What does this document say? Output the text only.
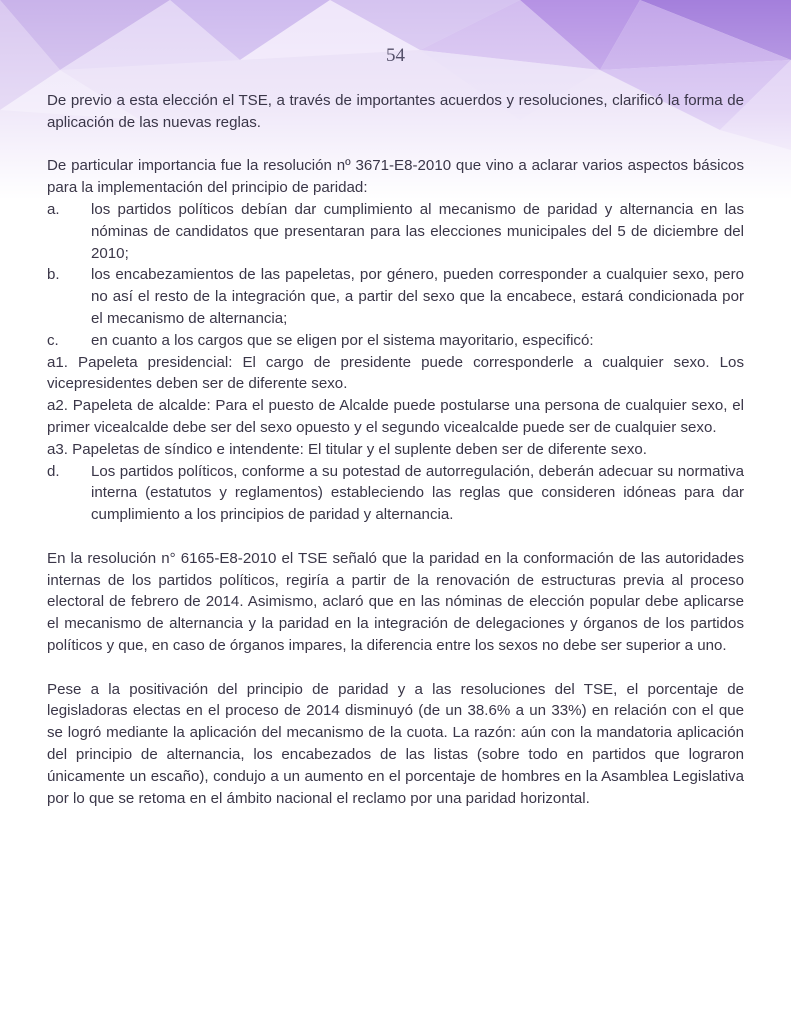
54

De previo a esta elección el TSE, a través de importantes acuerdos y resoluciones, clarificó la forma de aplicación de las nuevas reglas.

De particular importancia fue la resolución nº 3671-E8-2010 que vino a aclarar varios aspectos básicos para la implementación del principio de paridad:
a.	los partidos políticos debían dar cumplimiento al mecanismo de paridad y alternancia en las nóminas de candidatos que presentaran para las elecciones municipales del 5 de diciembre del 2010;
b.	los encabezamientos de las papeletas, por género, pueden corresponder a cualquier sexo, pero no así el resto de la integración que, a partir del sexo que la encabece, estará condicionada por el mecanismo de alternancia;
c.	en cuanto a los cargos que se eligen por el sistema mayoritario, especificó:
a1. Papeleta presidencial: El cargo de presidente puede corresponderle a cualquier sexo. Los vicepresidentes deben ser de diferente sexo.
a2. Papeleta de alcalde: Para el puesto de Alcalde puede postularse una persona de cualquier sexo, el primer vicealcalde debe ser del sexo opuesto y el segundo vicealcalde puede ser de cualquier sexo.
a3. Papeletas de síndico e intendente: El titular y el suplente deben ser de diferente sexo.
d.	Los partidos políticos, conforme a su potestad de autorregulación, deberán adecuar su normativa interna (estatutos y reglamentos) estableciendo las reglas que consideren idóneas para dar cumplimiento a los principios de paridad y alternancia.

En la resolución n° 6165-E8-2010 el TSE señaló que la paridad en la conformación de las autoridades internas de los partidos políticos, regiría a partir de la renovación de estructuras previa al proceso electoral de febrero de 2014. Asimismo, aclaró que en las nóminas de elección popular debe aplicarse el mecanismo de alternancia y la paridad en la integración de delegaciones y órganos de los partidos políticos y que, en caso de órganos impares, la diferencia entre los sexos no debe ser superior a uno.

Pese a la positivación del principio de paridad y a las resoluciones del TSE, el porcentaje de legisladoras electas en el proceso de 2014 disminuyó (de un 38.6% a un 33%) en relación con el que se logró mediante la aplicación del mecanismo de la cuota. La razón: aún con la mandatoria aplicación del principio de alternancia, los encabezados de las listas (sobre todo en partidos que lograron únicamente un escaño), condujo a un aumento en el porcentaje de hombres en la Asamblea Legislativa por lo que se retoma en el ámbito nacional el reclamo por una paridad horizontal.
